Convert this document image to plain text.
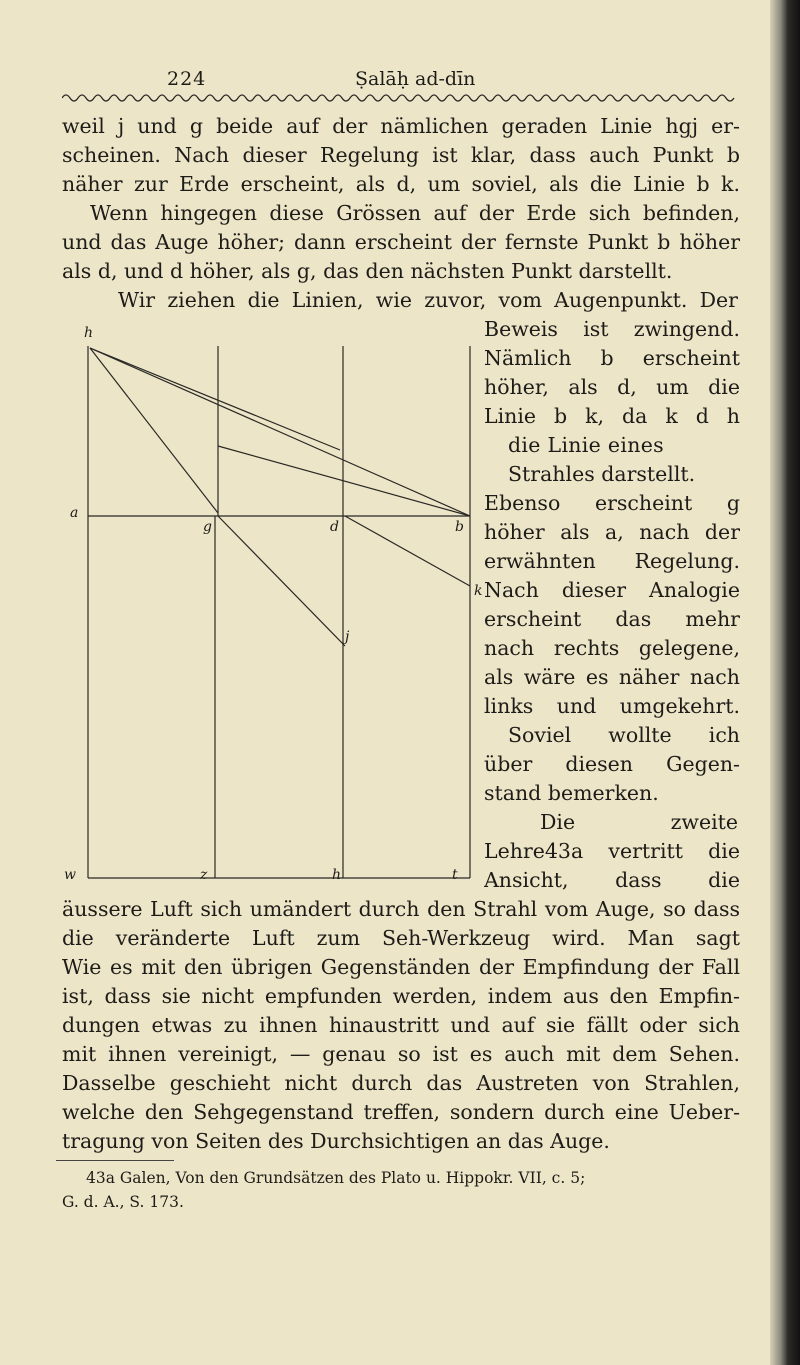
224	Ṣalāḥ ad-dīn
weil j und g beide auf der nämlichen geraden Linie hgj er-
scheinen. Nach dieser Regelung ist klar, dass auch Punkt b
näher zur Erde erscheint, als d, um soviel, als die Linie b k.
Wenn hingegen diese Grössen auf der Erde sich befinden,
und das Auge höher; dann erscheint der fernste Punkt b höher
als d, und d höher, als g, das den nächsten Punkt darstellt.
Wir ziehen die Linien, wie zuvor, vom Augenpunkt. Der
h
a
g	d	b
k
j
w	z	h	t
Beweis ist zwingend.
Nämlich b erscheint
höher, als d, um die
Linie b k, da k d h
die Linie eines
Strahles darstellt.
Ebenso erscheint g
höher als a, nach der
erwähnten Regelung.
Nach dieser Analogie
erscheint das mehr
nach rechts gelegene,
als wäre es näher nach
links und umgekehrt.
Soviel wollte ich
über diesen Gegen-
stand bemerken.
Die zweite
Lehre43a vertritt die
Ansicht, dass die
äussere Luft sich umändert durch den Strahl vom Auge, so dass
die veränderte Luft zum Seh-Werkzeug wird. Man sagt
Wie es mit den übrigen Gegenständen der Empfindung der Fall
ist, dass sie nicht empfunden werden, indem aus den Empfin-
dungen etwas zu ihnen hinaustritt und auf sie fällt oder sich
mit ihnen vereinigt, — genau so ist es auch mit dem Sehen.
Dasselbe geschieht nicht durch das Austreten von Strahlen,
welche den Sehgegenstand treffen, sondern durch eine Ueber-
tragung von Seiten des Durchsichtigen an das Auge.
43a Galen, Von den Grundsätzen des Plato u. Hippokr. VII, c. 5;
G. d. A., S. 173.
